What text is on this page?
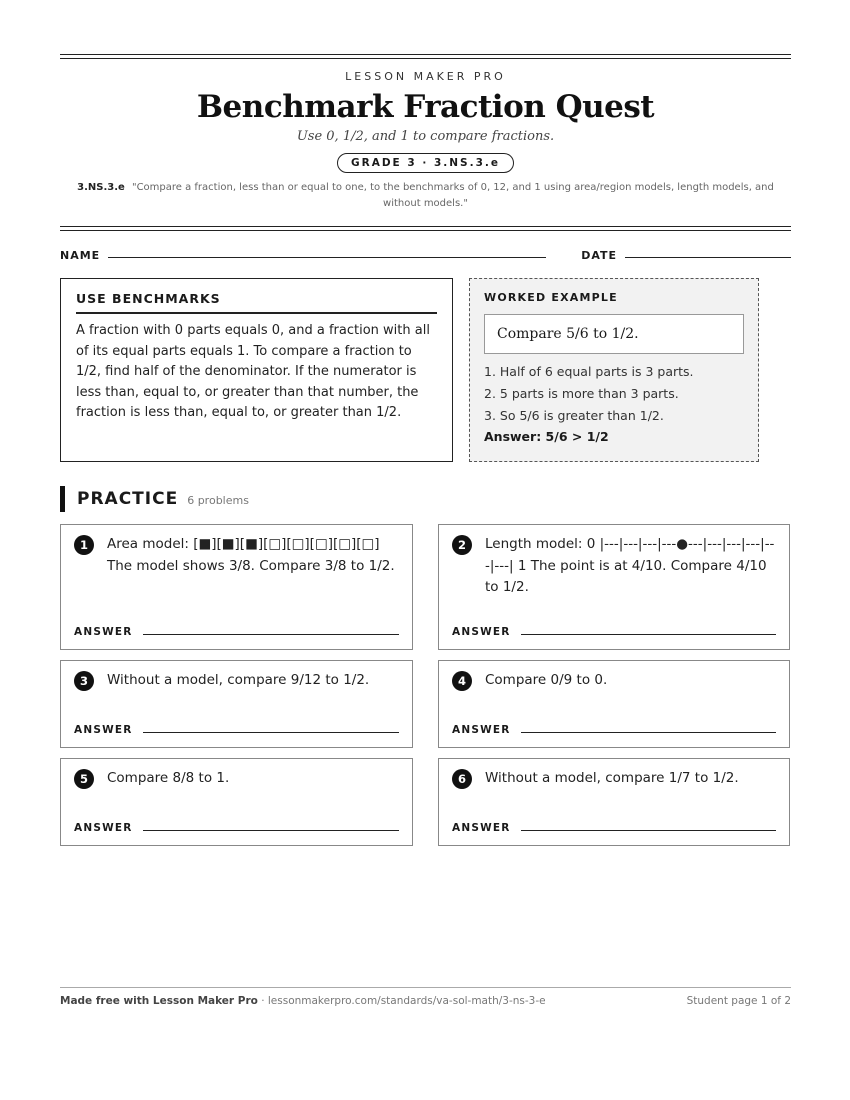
LESSON MAKER PRO
Benchmark Fraction Quest
Use 0, 1/2, and 1 to compare fractions.
GRADE 3 · 3.NS.3.e
3.NS.3.e "Compare a fraction, less than or equal to one, to the benchmarks of 0, 12, and 1 using area/region models, length models, and without models."
NAME	DATE
USE BENCHMARKS
A fraction with 0 parts equals 0, and a fraction with all of its equal parts equals 1. To compare a fraction to 1/2, find half of the denominator. If the numerator is less than, equal to, or greater than that number, the fraction is less than, equal to, or greater than 1/2.
WORKED EXAMPLE
Compare 5/6 to 1/2.
1. Half of 6 equal parts is 3 parts.
2. 5 parts is more than 3 parts.
3. So 5/6 is greater than 1/2.
Answer: 5/6 > 1/2
PRACTICE 6 problems
1	Area model: [■][■][■][□][□][□][□][□] The model shows 3/8. Compare 3/8 to 1/2.
ANSWER
2	Length model: 0 |---|---|---|---●---|---|---|---|---|---| 1 The point is at 4/10. Compare 4/10 to 1/2.
ANSWER
3	Without a model, compare 9/12 to 1/2.
ANSWER
4	Compare 0/9 to 0.
ANSWER
5	Compare 8/8 to 1.
ANSWER
6	Without a model, compare 1/7 to 1/2.
ANSWER
Made free with Lesson Maker Pro · lessonmakerpro.com/standards/va-sol-math/3-ns-3-e	Student page 1 of 2
